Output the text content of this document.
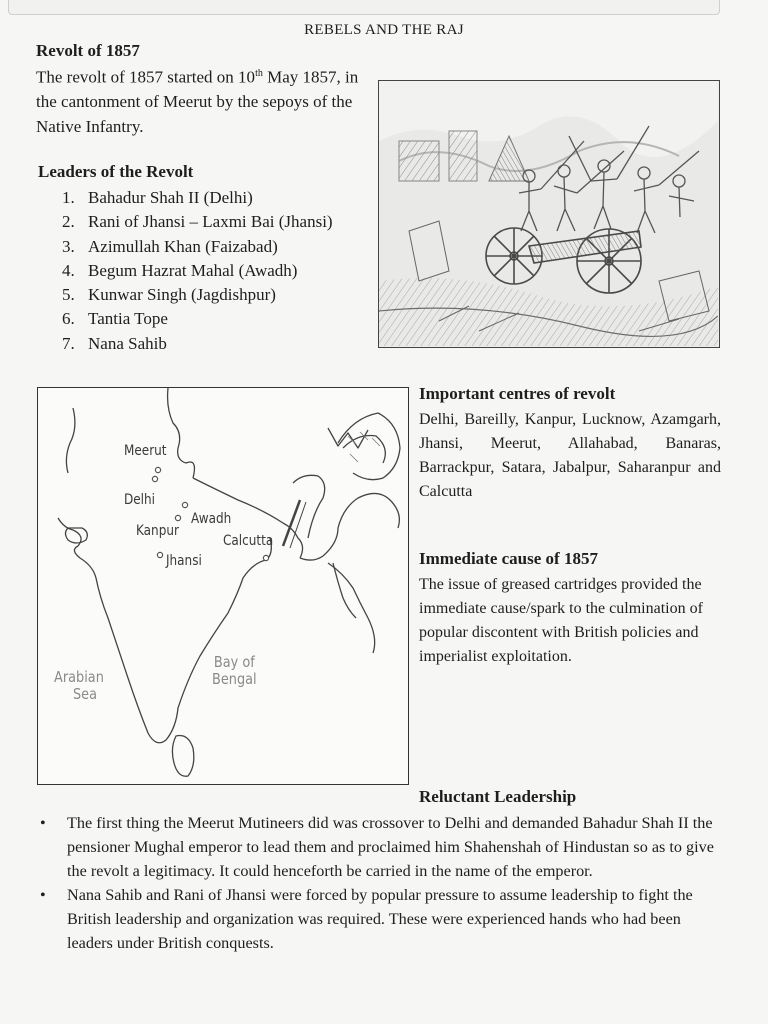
REBELS AND THE RAJ
Revolt of 1857
The revolt of 1857 started on 10th May 1857, in the cantonment of Meerut by the sepoys of the Native Infantry.
Leaders of the Revolt
1. Bahadur Shah II (Delhi)
2. Rani of Jhansi – Laxmi Bai (Jhansi)
3. Azimullah Khan (Faizabad)
4. Begum Hazrat Mahal (Awadh)
5. Kunwar Singh (Jagdishpur)
6. Tantia Tope
7. Nana Sahib
Meerut
Delhi
Awadh
Kanpur
Calcutta
Jhansi
Bay of
Bengal
Arabian
Sea
Important centres of revolt
Delhi, Bareilly, Kanpur, Lucknow, Azamgarh, Jhansi, Meerut, Allahabad, Banaras, Barrackpur, Satara, Jabalpur, Saharanpur and
Calcutta
Immediate cause of 1857
The issue of greased cartridges provided the immediate cause/spark to the culmination of popular discontent with British policies and imperialist exploitation.
Reluctant Leadership
• The first thing the Meerut Mutineers did was crossover to Delhi and demanded Bahadur Shah II the pensioner Mughal emperor to lead them and proclaimed him Shahenshah of Hindustan so as to give the revolt a legitimacy. It could henceforth be carried in the name of the emperor.
• Nana Sahib and Rani of Jhansi were forced by popular pressure to assume leadership to fight the British leadership and organization was required. These were experienced hands who had been leaders under British conquests.
